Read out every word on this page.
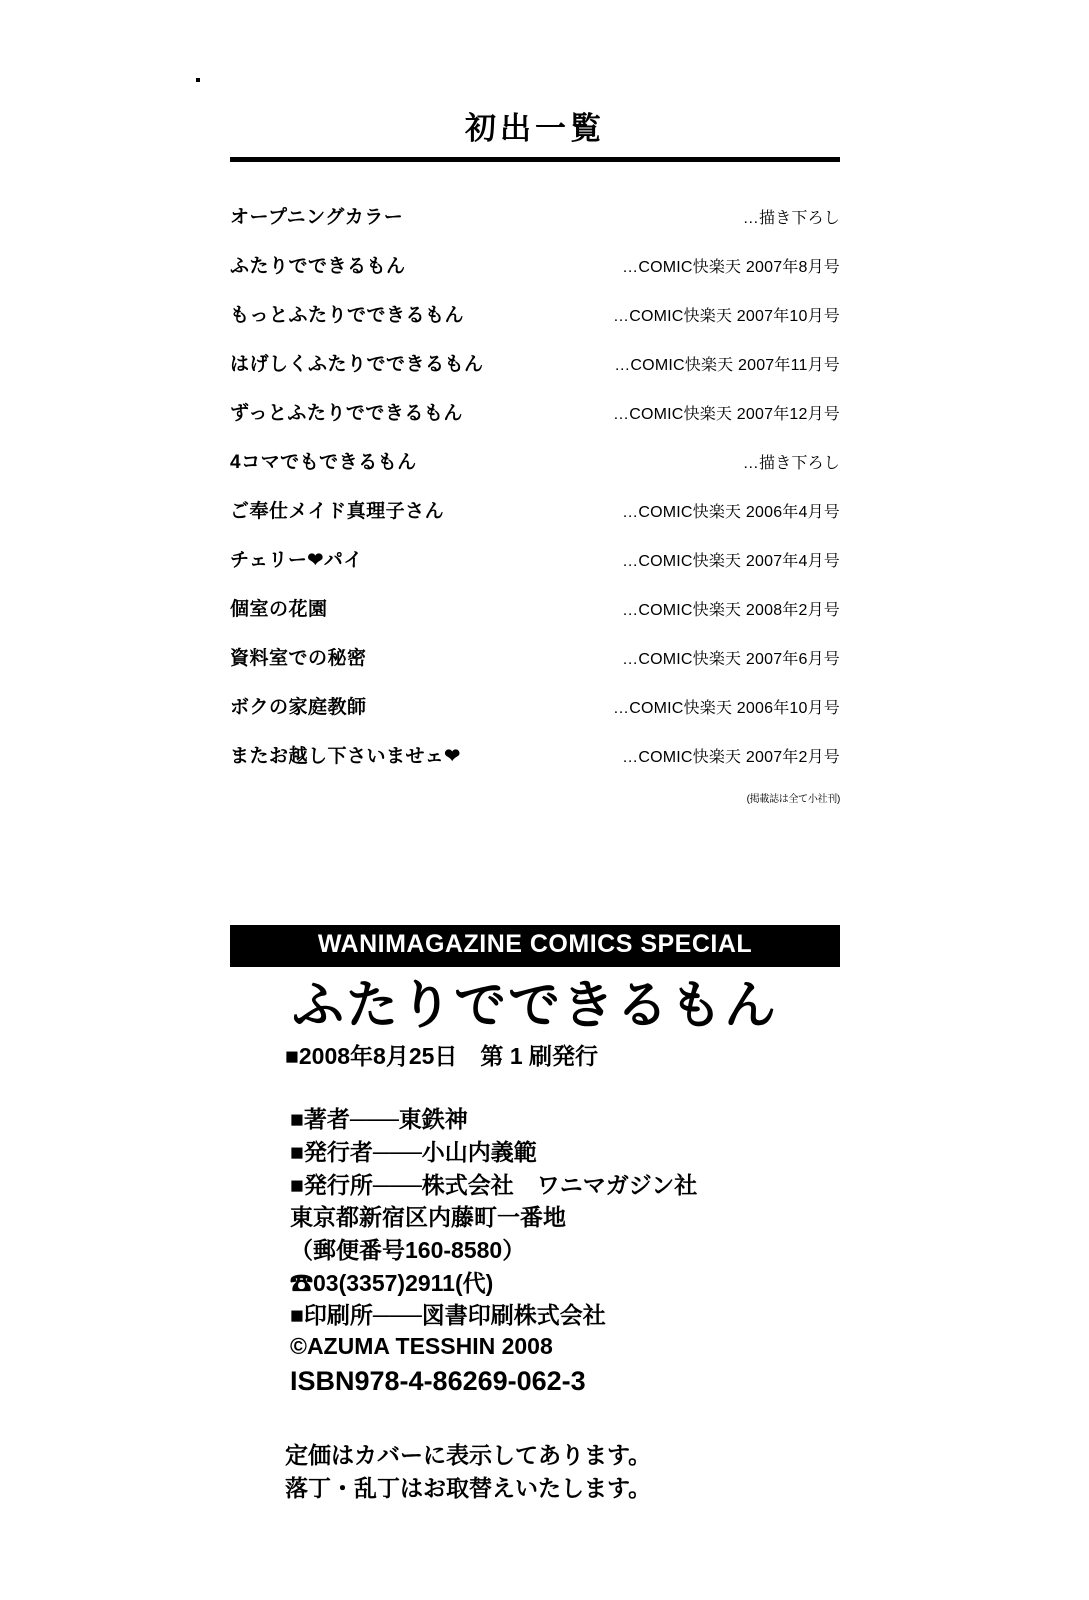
初出一覧
オープニングカラー	…描き下ろし
ふたりでできるもん	…COMIC快楽天 2007年8月号
もっとふたりでできるもん	…COMIC快楽天 2007年10月号
はげしくふたりでできるもん	…COMIC快楽天 2007年11月号
ずっとふたりでできるもん	…COMIC快楽天 2007年12月号
4コマでもできるもん	…描き下ろし
ご奉仕メイド真理子さん	…COMIC快楽天 2006年4月号
チェリー❤パイ	…COMIC快楽天 2007年4月号
個室の花園	…COMIC快楽天 2008年2月号
資料室での秘密	…COMIC快楽天 2007年6月号
ボクの家庭教師	…COMIC快楽天 2006年10月号
またお越し下さいませェ❤	…COMIC快楽天 2007年2月号
(掲載誌は全て小社刊)
WANIMAGAZINE COMICS SPECIAL
ふたりでできるもん
■2008年8月25日　第 1 刷発行
■著者───東鉄神
■発行者───小山内義範
■発行所───株式会社　ワニマガジン社
東京都新宿区内藤町一番地
（郵便番号160-8580）
☎03(3357)2911(代)
■印刷所───図書印刷株式会社
©AZUMA TESSHIN 2008
ISBN978-4-86269-062-3
定価はカバーに表示してあります。
落丁・乱丁はお取替えいたします。
